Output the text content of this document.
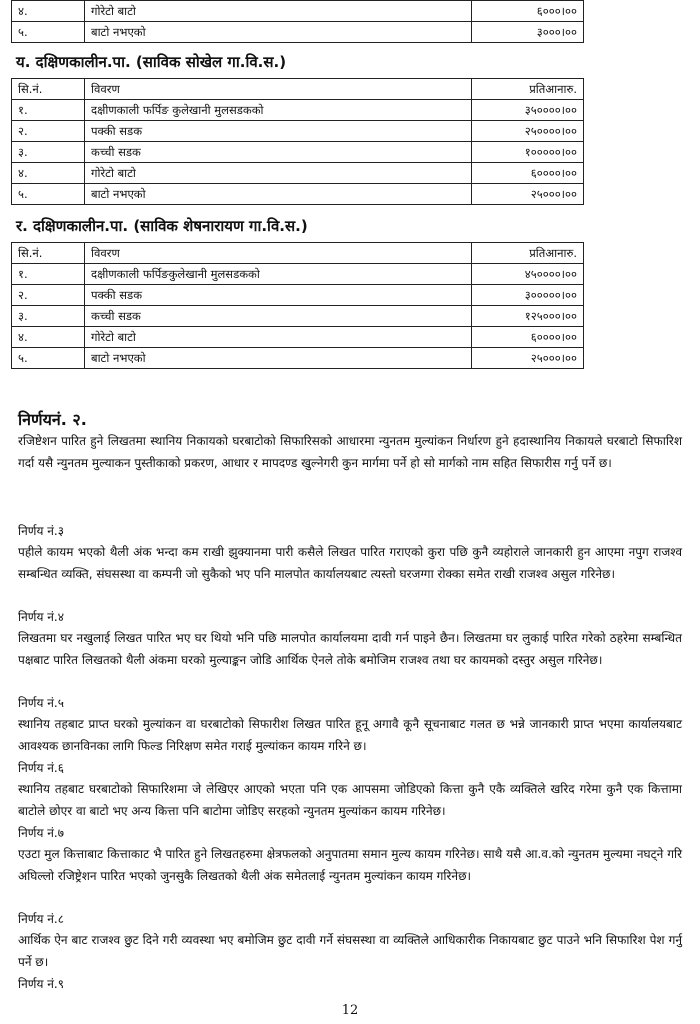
४.	गोरेटो बाटो	६०००।००
५.	बाटो नभएको	३०००।००
य. दक्षिणकालीन.पा. (साविक सोखेल गा.वि.स.)
सि.नं.	विवरण	प्रतिआनारु.
१.	दक्षीणकाली फर्पिङ कुलेखानी मुलसडकको	३५००००।००
२.	पक्की सडक	२५००००।००
३.	कच्ची सडक	१०००००।००
४.	गोरेटो बाटो	६००००।००
५.	बाटो नभएको	२५०००।००
र. दक्षिणकालीन.पा. (साविक शेषनारायण गा.वि.स.)
सि.नं.	विवरण	प्रतिआनारु.
१.	दक्षीणकाली फर्पिङकुलेखानी मुलसडकको	४५००००।००
२.	पक्की सडक	३०००००।००
३.	कच्ची सडक	१२५०००।००
४.	गोरेटो बाटो	६००००।००
५.	बाटो नभएको	२५०००।००
निर्णयनं. २.
रजिष्टेशन पारित हुने लिखतमा स्थानिय निकायको घरबाटोको सिफारिसको आधारमा न्युनतम मुल्यांकन निर्धारण हुने हदास्थानिय निकायले घरबाटो सिफारिश गर्दा यसै न्युनतम मुल्याकन पुस्तीकाको प्रकरण, आधार र मापदण्ड खुल्नेगरी कुन मार्गमा पर्ने हो सो मार्गको नाम सहित सिफारीस गर्नु पर्ने छ।
निर्णय नं.३
पहीले कायम भएको थैली अंक भन्दा कम राखी झुक्यानमा पारी कसैले लिखत पारित गराएको कुरा पछि कुनै व्यहोराले जानकारी हुन आएमा नपुग राजश्व सम्बन्धित व्यक्ति, संघसस्था वा कम्पनी जो सुकैको भए पनि मालपोत कार्यालयबाट त्यस्तो घरजग्गा रोक्का समेत राखी राजश्व असुल गरिनेछ।
निर्णय नं.४
लिखतमा घर नखुलाई लिखत पारित भए घर थियो भनि पछि मालपोत कार्यालयमा दावी गर्न पाइने छैन। लिखतमा घर लुकाई पारित गरेको ठहरेमा सम्बन्धित पक्षबाट पारित लिखतको थैली अंकमा घरको मुल्याङ्कन जोडि आर्थिक ऐनले तोके बमोजिम राजश्व तथा घर कायमको दस्तुर असुल गरिनेछ।
निर्णय नं.५
स्थानिय तहबाट प्राप्त घरको मुल्यांकन वा घरबाटोको सिफारीश लिखत पारित हूनू अगावै कूनै सूचनाबाट गलत छ भन्ने जानकारी प्राप्त भएमा कार्यालयबाट आवश्यक छानविनका लागि फिल्ड निरिक्षण समेत गराई मुल्यांकन कायम गरिने छ।
निर्णय नं.६
स्थानिय तहबाट घरबाटोको सिफारिशमा जे लेखिएर आएको भएता पनि एक आपसमा जोडिएको कित्ता कुनै एकै व्यक्तिले खरिद गरेमा कुनै एक कित्तामा बाटोले छोएर वा बाटो भए अन्य कित्ता पनि बाटोमा जोडिए सरहको न्युनतम मुल्यांकन कायम गरिनेछ।
निर्णय नं.७
एउटा मुल कित्ताबाट कित्ताकाट भै पारित हुने लिखतहरुमा क्षेत्रफलको अनुपातमा समान मुल्य कायम गरिनेछ। साथै यसै आ.व.को न्युनतम मुल्यमा नघट्ने गरि अघिल्लो रजिष्ट्रेशन पारित भएको जुनसुकै लिखतको थैली अंक समेतलाई न्युनतम मुल्यांकन कायम गरिनेछ।
निर्णय नं.८
आर्थिक ऐन बाट राजश्व छुट दिने गरी व्यवस्था भए बमोजिम छुट दावी गर्ने संघसस्था वा व्यक्तिले आधिकारीक निकायबाट छुट पाउने भनि सिफारिश पेश गर्नु पर्ने छ।
निर्णय नं.९
12
